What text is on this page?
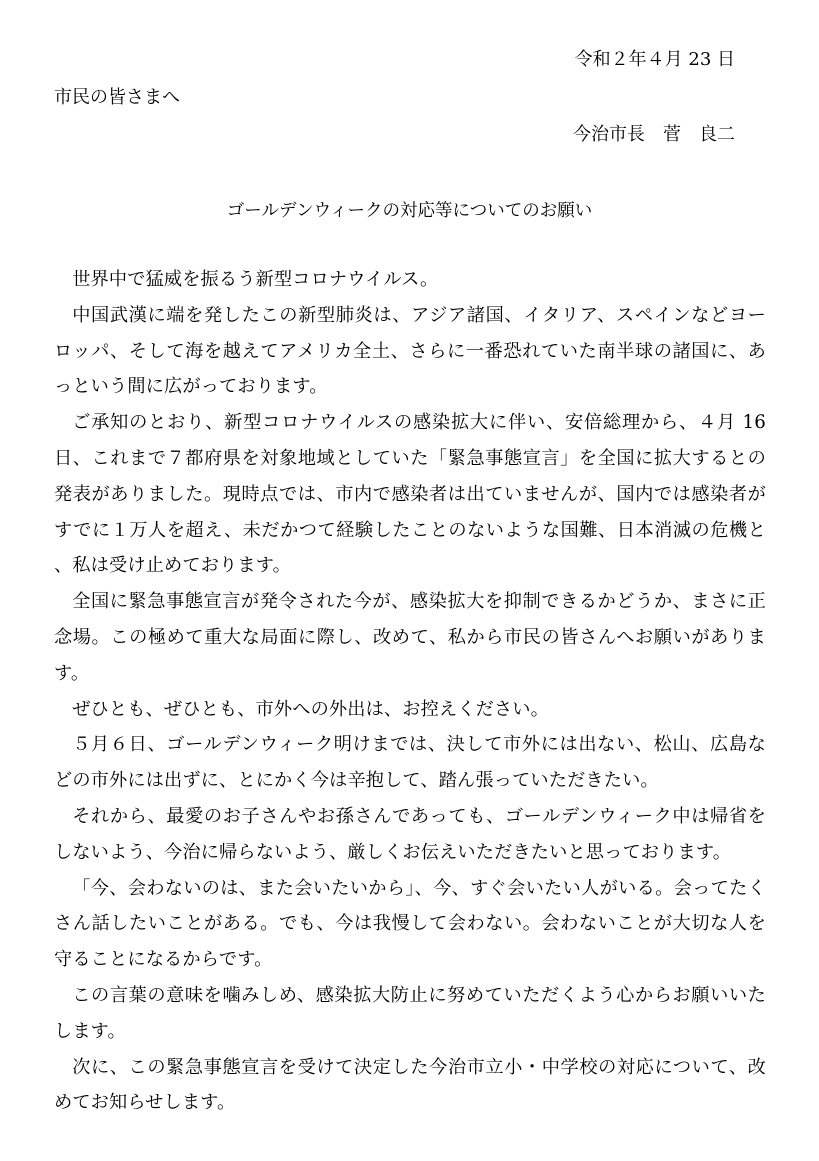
令和２年４月 23 日
市民の皆さまへ
今治市長　菅　良二
ゴールデンウィークの対応等についてのお願い

世界中で猛威を振るう新型コロナウイルス。

中国武漢に端を発したこの新型肺炎は、アジア諸国、イタリア、スペインなどヨーロッパ、そして海を越えてアメリカ全土、さらに一番恐れていた南半球の諸国に、あっという間に広がっております。

ご承知のとおり、新型コロナウイルスの感染拡大に伴い、安倍総理から、４月 16 日、これまで７都府県を対象地域としていた「緊急事態宣言」を全国に拡大するとの発表がありました。現時点では、市内で感染者は出ていませんが、国内では感染者がすでに１万人を超え、未だかつて経験したことのないような国難、日本消滅の危機と、私は受け止めております。

全国に緊急事態宣言が発令された今が、感染拡大を抑制できるかどうか、まさに正念場。この極めて重大な局面に際し、改めて、私から市民の皆さんへお願いがあります。

ぜひとも、ぜひとも、市外への外出は、お控えください。

５月６日、ゴールデンウィーク明けまでは、決して市外には出ない、松山、広島などの市外には出ずに、とにかく今は辛抱して、踏ん張っていただきたい。

それから、最愛のお子さんやお孫さんであっても、ゴールデンウィーク中は帰省をしないよう、今治に帰らないよう、厳しくお伝えいただきたいと思っております。

「今、会わないのは、また会いたいから」、今、すぐ会いたい人がいる。会ってたくさん話したいことがある。でも、今は我慢して会わない。会わないことが大切な人を守ることになるからです。

この言葉の意味を噛みしめ、感染拡大防止に努めていただくよう心からお願いいたします。

次に、この緊急事態宣言を受けて決定した今治市立小・中学校の対応について、改めてお知らせします。
